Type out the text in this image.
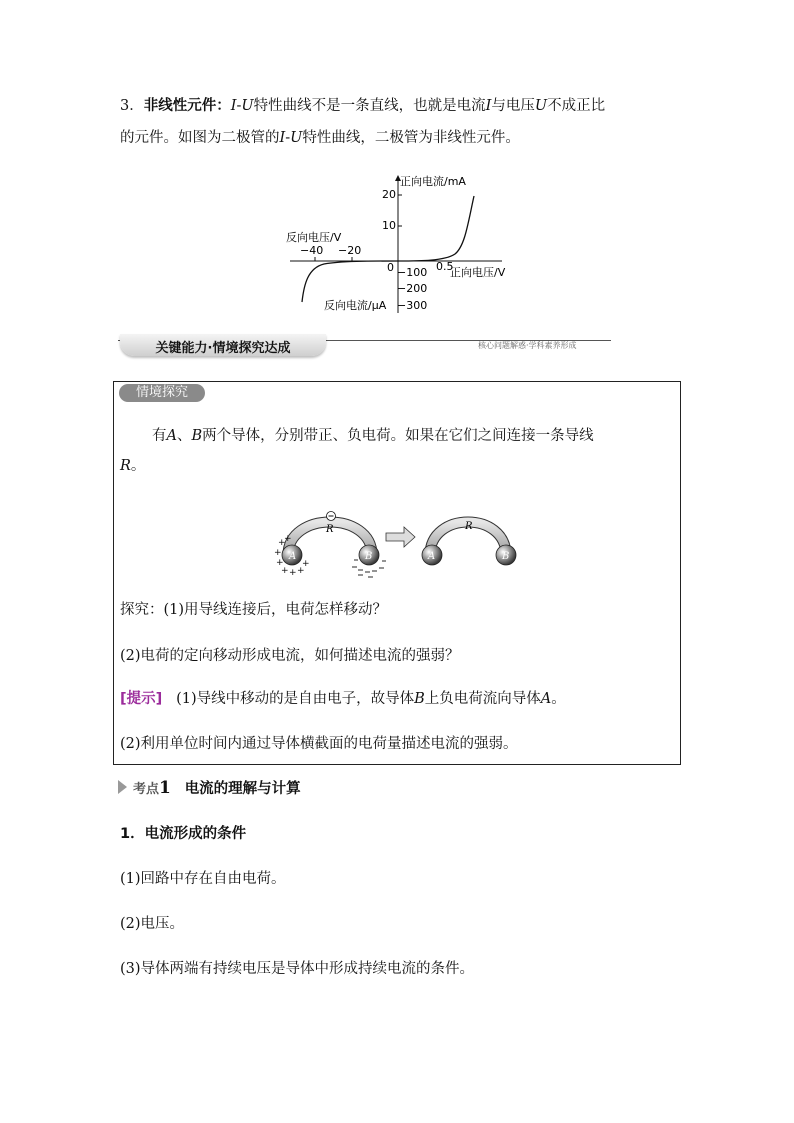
3．非线性元件：I-U特性曲线不是一条直线，也就是电流I与电压U不成正比
的元件。如图为二极管的I-U特性曲线，二极管为非线性元件。
正向电流/mA
20
10
反向电压/V
−40 −20
0	0.5
正向电压/V
−100
−200
反向电流/μA −300
关键能力·情境探究达成	核心问题解惑·学科素养形成
情境探究
有A、B两个导体，分别带正、负电荷。如果在它们之间连接一条导线
R。
R
+
+
+
+
+ + +
+
A	B
R
A	B
探究：(1)用导线连接后，电荷怎样移动？
(2)电荷的定向移动形成电流，如何描述电流的强弱？
[提示] (1)导线中移动的是自由电子，故导体B上负电荷流向导体A。
(2)利用单位时间内通过导体横截面的电荷量描述电流的强弱。
考点1 电流的理解与计算
1．电流形成的条件
(1)回路中存在自由电荷。
(2)电压。
(3)导体两端有持续电压是导体中形成持续电流的条件。
